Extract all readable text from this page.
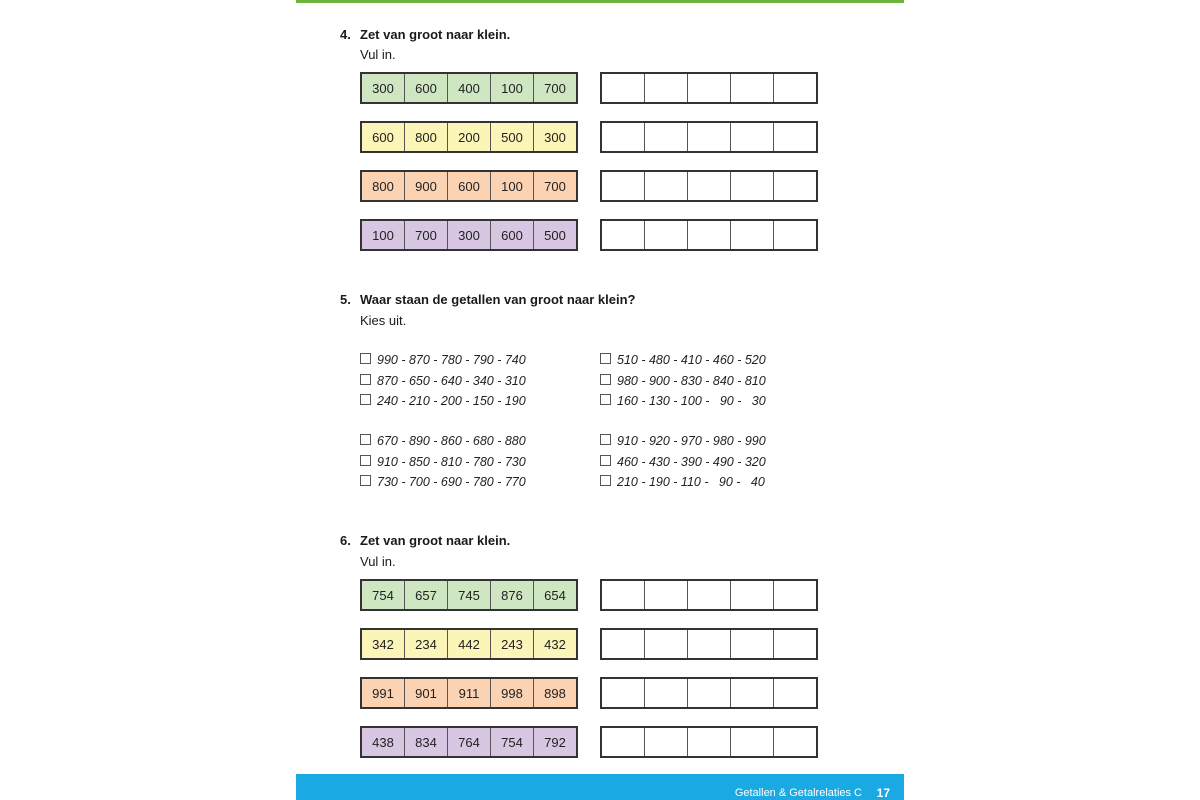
4. Zet van groot naar klein.
Vul in.
300	600	400	100	700
600	800	200	500	300
800	900	600	100	700
100	700	300	600	500
5. Waar staan de getallen van groot naar klein?
Kies uit.
990 - 870 - 780 - 790 - 740
870 - 650 - 640 - 340 - 310
240 - 210 - 200 - 150 - 190
670 - 890 - 860 - 680 - 880
910 - 850 - 810 - 780 - 730
730 - 700 - 690 - 780 - 770
510 - 480 - 410 - 460 - 520
980 - 900 - 830 - 840 - 810
160 - 130 - 100 -   90 -   30
910 - 920 - 970 - 980 - 990
460 - 430 - 390 - 490 - 320
210 - 190 - 110 -   90 -   40
6. Zet van groot naar klein.
Vul in.
754	657	745	876	654
342	234	442	243	432
991	901	911	998	898
438	834	764	754	792
Getallen & Getalrelaties C 17
